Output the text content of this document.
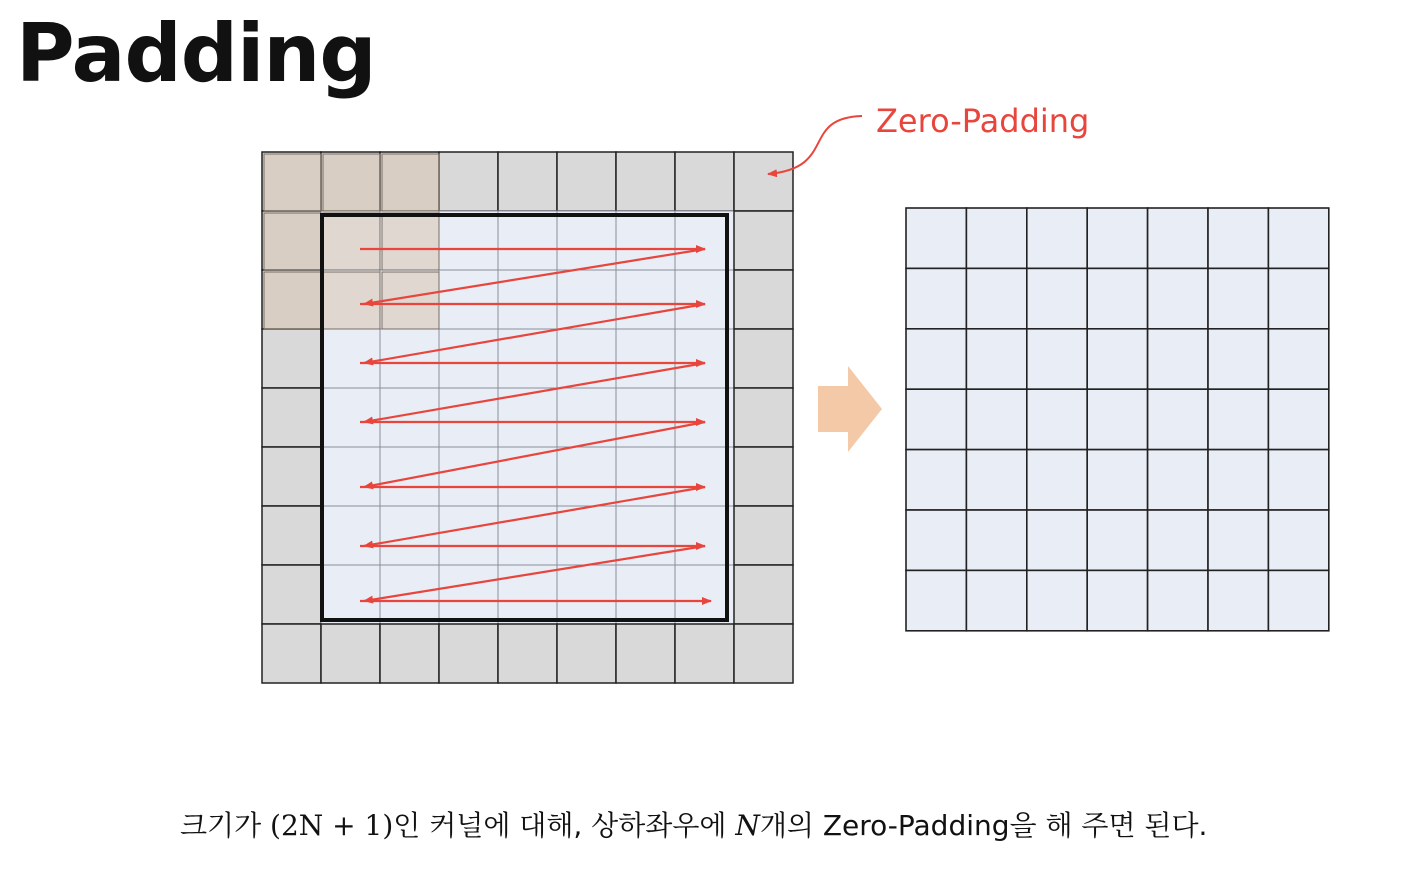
Padding
Zero-Padding
크기가 (2N + 1)인 커널에 대해, 상하좌우에 N개의 Zero-Padding을 해 주면 된다.
